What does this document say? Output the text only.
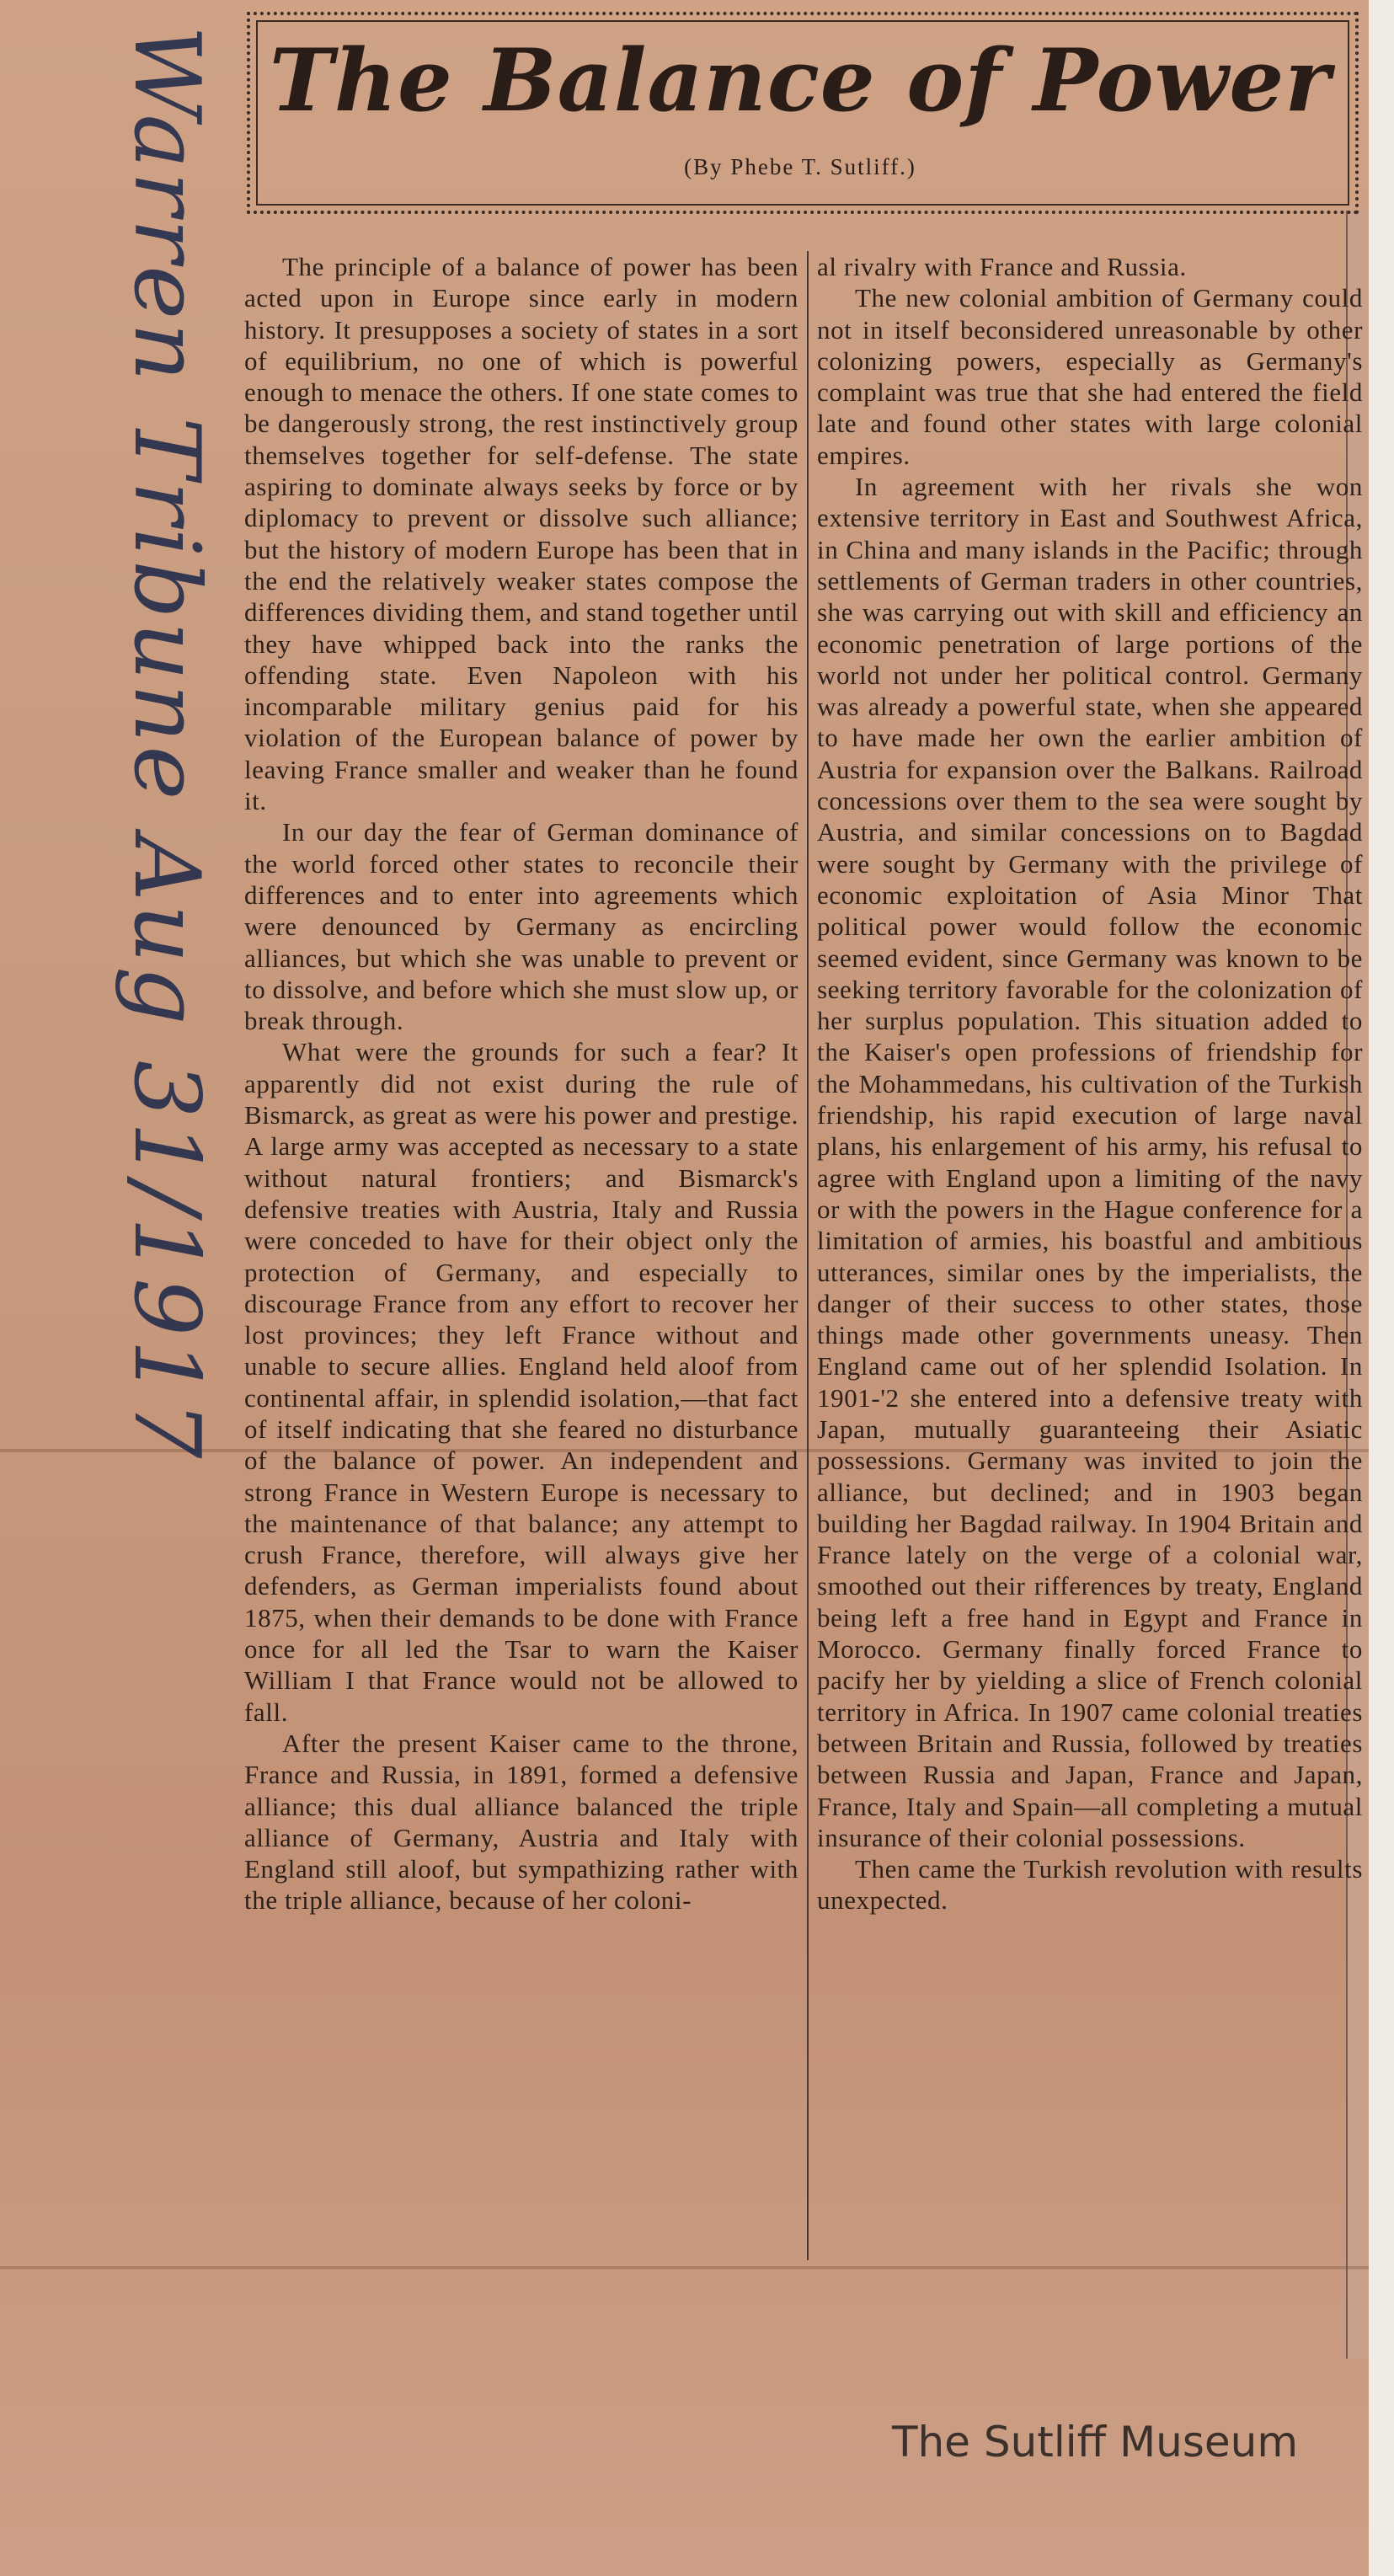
The Balance of Power
(By Phebe T. Sutliff.)
Warren Tribune Aug 31/1917	The principle of a balance of power has been acted upon in Europe since early in modern history. It presupposes a society of states in a sort of equilibrium, no one of which is powerful enough to menace the others. If one state comes to be dangerously strong, the rest instinctively group themselves together for self-defense. The state aspiring to dominate always seeks by force or by diplomacy to prevent or dissolve such alliance; but the history of modern Europe has been that in the end the relatively weaker states compose the differences dividing them, and stand together until they have whipped back into the ranks the offending state. Even Napoleon with his incomparable military genius paid for his violation of the European balance of power by leaving France smaller and weaker than he found it.

In our day the fear of German dominance of the world forced other states to reconcile their differences and to enter into agreements which were denounced by Germany as encircling alliances, but which she was unable to prevent or to dissolve, and before which she must slow up, or break through.

What were the grounds for such a fear? It apparently did not exist during the rule of Bismarck, as great as were his power and prestige. A large army was accepted as necessary to a state without natural frontiers; and Bismarck's defensive treaties with Austria, Italy and Russia were conceded to have for their object only the protection of Germany, and especially to discourage France from any effort to recover her lost provinces; they left France without and unable to secure allies. England held aloof from continental affair, in splendid isolation,—that fact of itself indicating that she feared no disturbance of the balance of power. An independent and strong France in Western Europe is necessary to the maintenance of that balance; any attempt to crush France, therefore, will always give her defenders, as German imperialists found about 1875, when their demands to be done with France once for all led the Tsar to warn the Kaiser William I that France would not be allowed to fall.

After the present Kaiser came to the throne, France and Russia, in 1891, formed a defensive alliance; this dual alliance balanced the triple alliance of Germany, Austria and Italy with England still aloof, but sympathizing rather with the triple alliance, because of her coloni-

al rivalry with France and Russia.

The new colonial ambition of Germany could not in itself beconsidered unreasonable by other colonizing powers, especially as Germany's complaint was true that she had entered the field late and found other states with large colonial empires.

In agreement with her rivals she won extensive territory in East and Southwest Africa, in China and many islands in the Pacific; through settlements of German traders in other countries, she was carrying out with skill and efficiency an economic penetration of large portions of the world not under her political control. Germany was already a powerful state, when she appeared to have made her own the earlier ambition of Austria for expansion over the Balkans. Railroad concessions over them to the sea were sought by Austria, and similar concessions on to Bagdad were sought by Germany with the privilege of economic exploitation of Asia Minor That political power would follow the economic seemed evident, since Germany was known to be seeking territory favorable for the colonization of her surplus population. This situation added to the Kaiser's open professions of friendship for the Mohammedans, his cultivation of the Turkish friendship, his rapid execution of large naval plans, his enlargement of his army, his refusal to agree with England upon a limiting of the navy or with the powers in the Hague conference for a limitation of armies, his boastful and ambitious utterances, similar ones by the imperialists, the danger of their success to other states, those things made other governments uneasy. Then England came out of her splendid Isolation. In 1901-'2 she entered into a defensive treaty with Japan, mutually guaranteeing their Asiatic possessions. Germany was invited to join the alliance, but declined; and in 1903 began building her Bagdad railway. In 1904 Britain and France lately on the verge of a colonial war, smoothed out their rifferences by treaty, England being left a free hand in Egypt and France in Morocco. Germany finally forced France to pacify her by yielding a slice of French colonial territory in Africa. In 1907 came colonial treaties between Britain and Russia, followed by treaties between Russia and Japan, France and Japan, France, Italy and Spain—all completing a mutual insurance of their colonial possessions.

Then came the Turkish revolution with results unexpected.

The Sutliff Museum
